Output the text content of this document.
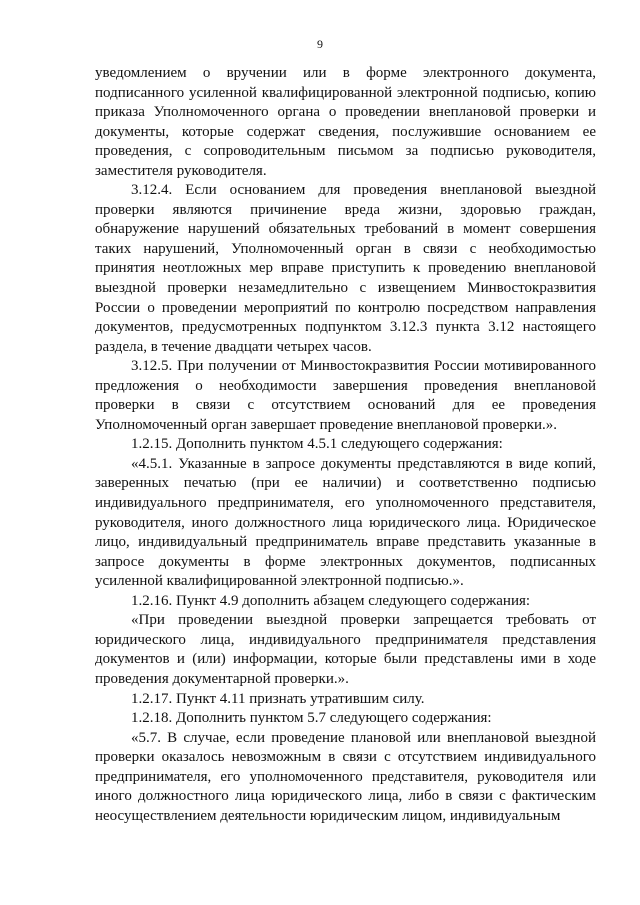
9

уведомлением о вручении или в форме электронного документа, подписанного усиленной квалифицированной электронной подписью, копию приказа Уполномоченного органа о проведении внеплановой проверки и документы, которые содержат сведения, послужившие основанием ее проведения, с сопроводительным письмом за подписью руководителя, заместителя руководителя.

3.12.4. Если основанием для проведения внеплановой выездной проверки являются причинение вреда жизни, здоровью граждан, обнаружение нарушений обязательных требований в момент совершения таких нарушений, Уполномоченный орган в связи с необходимостью принятия неотложных мер вправе приступить к проведению внеплановой выездной проверки незамедлительно с извещением Минвостокразвития России о проведении мероприятий по контролю посредством направления документов, предусмотренных подпунктом 3.12.3 пункта 3.12 настоящего раздела, в течение двадцати четырех часов.

3.12.5. При получении от Минвостокразвития России мотивированного предложения о необходимости завершения проведения внеплановой проверки в связи с отсутствием оснований для ее проведения Уполномоченный орган завершает проведение внеплановой проверки.».

1.2.15. Дополнить пунктом 4.5.1 следующего содержания:

«4.5.1. Указанные в запросе документы представляются в виде копий, заверенных печатью (при ее наличии) и соответственно подписью индивидуального предпринимателя, его уполномоченного представителя, руководителя, иного должностного лица юридического лица. Юридическое лицо, индивидуальный предприниматель вправе представить указанные в запросе документы в форме электронных документов, подписанных усиленной квалифицированной электронной подписью.».

1.2.16. Пункт 4.9 дополнить абзацем следующего содержания:

«При проведении выездной проверки запрещается требовать от юридического лица, индивидуального предпринимателя представления документов и (или) информации, которые были представлены ими в ходе проведения документарной проверки.».

1.2.17. Пункт 4.11 признать утратившим силу.

1.2.18. Дополнить пунктом 5.7 следующего содержания:

«5.7. В случае, если проведение плановой или внеплановой выездной проверки оказалось невозможным в связи с отсутствием индивидуального предпринимателя, его уполномоченного представителя, руководителя или иного должностного лица юридического лица, либо в связи с фактическим неосуществлением деятельности юридическим лицом, индивидуальным
